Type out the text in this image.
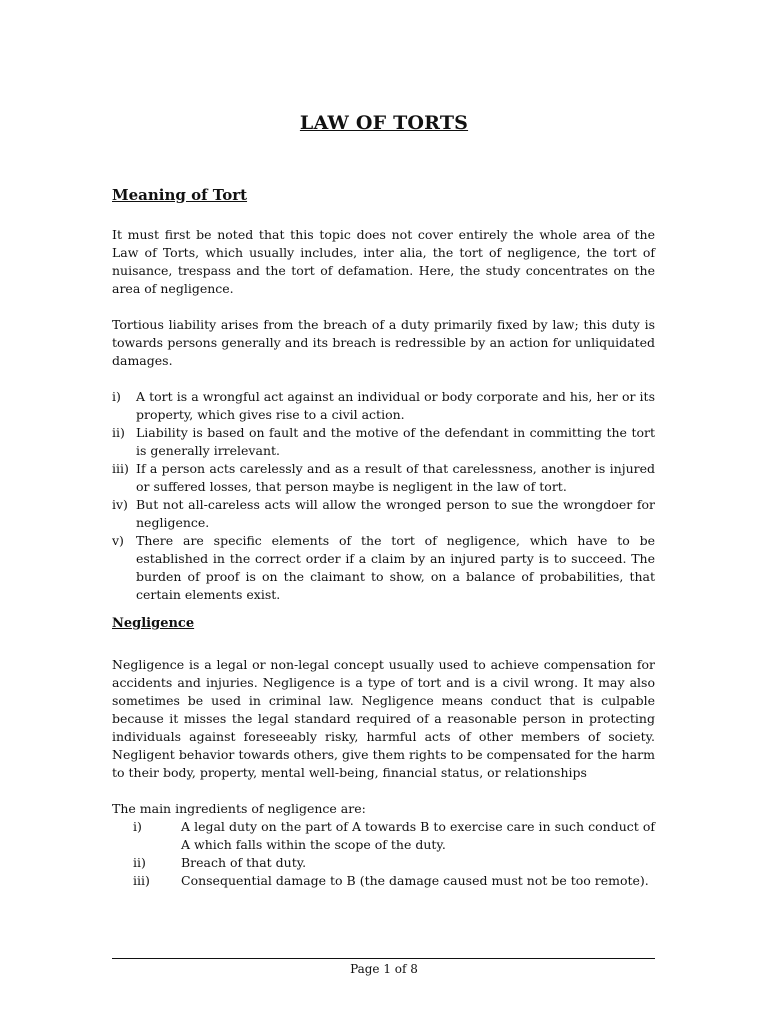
LAW OF TORTS
Meaning of Tort

It must first be noted that this topic does not cover entirely the whole area of the Law of Torts, which usually includes, inter alia, the tort of negligence, the tort of nuisance, trespass and the tort of defamation. Here, the study concentrates on the area of negligence.

Tortious liability arises from the breach of a duty primarily fixed by law; this duty is towards persons generally and its breach is redressible by an action for unliquidated damages.

i)	A tort is a wrongful act against an individual or body corporate and his, her or its property, which gives rise to a civil action.
ii) Liability is based on fault and the motive of the defendant in committing the tort is generally irrelevant.
iii) If a person acts carelessly and as a result of that carelessness, another is injured or suffered losses, that person maybe is negligent in the law of tort.
iv) But not all-careless acts will allow the wronged person to sue the wrongdoer for negligence.
v) There are specific elements of the tort of negligence, which have to be established in the correct order if a claim by an injured party is to succeed. The burden of proof is on the claimant to show, on a balance of probabilities, that certain elements exist.
Negligence

Negligence is a legal or non-legal concept usually used to achieve compensation for accidents and injuries. Negligence is a type of tort and is a civil wrong. It may also sometimes be used in criminal law. Negligence means conduct that is culpable because it misses the legal standard required of a reasonable person in protecting individuals against foreseeably risky, harmful acts of other members of society. Negligent behavior towards others, give them rights to be compensated for the harm to their body, property, mental well-being, financial status, or relationships

The main ingredients of negligence are:

i)	A legal duty on the part of A towards B to exercise care in such conduct of A which falls within the scope of the duty.
ii)	Breach of that duty.
iii)	Consequential damage to B (the damage caused must not be too remote).
Page 1 of 8
